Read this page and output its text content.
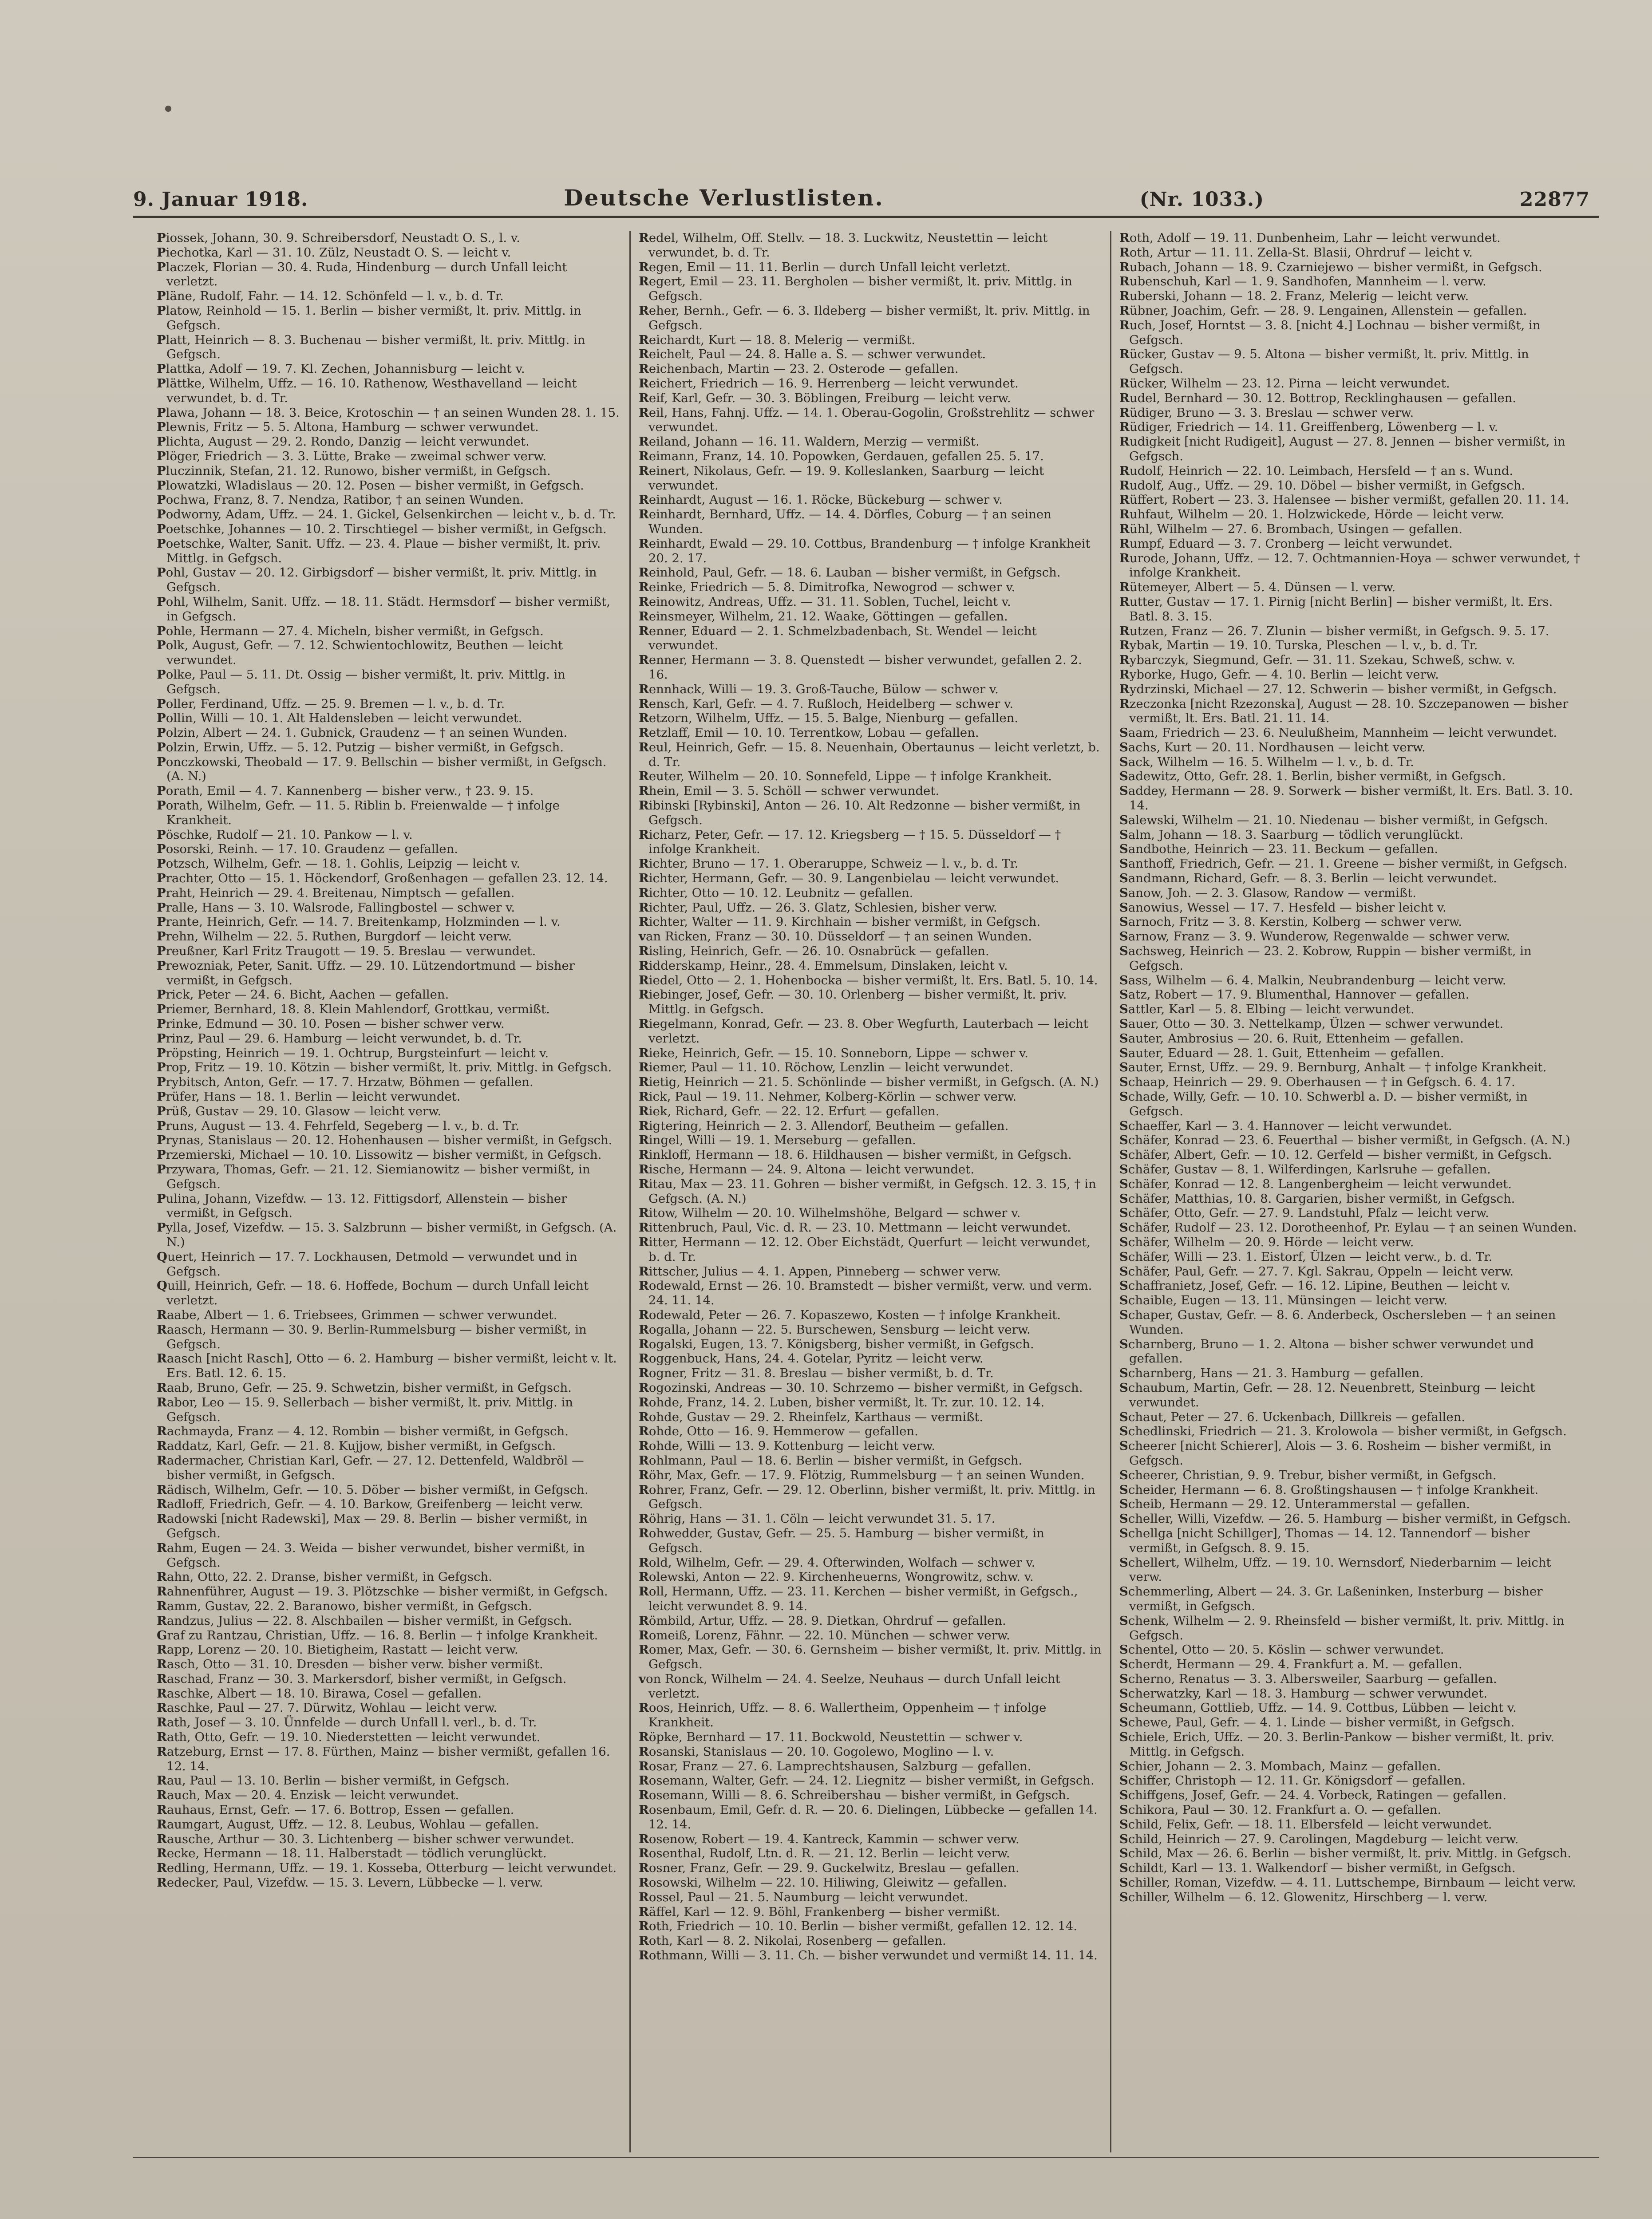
9. Januar 1918.	Deutsche Verlustlisten.	(Nr. 1033.)	22877
Piossek, Johann, 30. 9. Schreibersdorf, Neustadt O. S., l. v.
Piechotka, Karl — 31. 10. Zülz, Neustadt O. S. — leicht v.
Placzek, Florian — 30. 4. Ruda, Hindenburg — durch Unfall leicht verletzt.
Pläne, Rudolf, Fahr. — 14. 12. Schönfeld — l. v., b. d. Tr.
Platow, Reinhold — 15. 1. Berlin — bisher vermißt, lt. priv. Mittlg. in Gefgsch.
Platt, Heinrich — 8. 3. Buchenau — bisher vermißt, lt. priv. Mittlg. in Gefgsch.
Plattka, Adolf — 19. 7. Kl. Zechen, Johannisburg — leicht v.
Plättke, Wilhelm, Uffz. — 16. 10. Rathenow, Westhavelland — leicht verwundet, b. d. Tr.
Plawa, Johann — 18. 3. Beice, Krotoschin — † an seinen Wunden 28. 1. 15.
Plewnis, Fritz — 5. 5. Altona, Hamburg — schwer verwundet.
Plichta, August — 29. 2. Rondo, Danzig — leicht verwundet.
Plöger, Friedrich — 3. 3. Lütte, Brake — zweimal schwer verw.
Pluczinnik, Stefan, 21. 12. Runowo, bisher vermißt, in Gefgsch.
Plowatzki, Wladislaus — 20. 12. Posen — bisher vermißt, in Gefgsch.
Pochwa, Franz, 8. 7. Nendza, Ratibor, † an seinen Wunden.
Podworny, Adam, Uffz. — 24. 1. Gickel, Gelsenkirchen — leicht v., b. d. Tr.
Poetschke, Johannes — 10. 2. Tirschtiegel — bisher vermißt, in Gefgsch.
Poetschke, Walter, Sanit. Uffz. — 23. 4. Plaue — bisher vermißt, lt. priv. Mittlg. in Gefgsch.
Pohl, Gustav — 20. 12. Girbigsdorf — bisher vermißt, lt. priv. Mittlg. in Gefgsch.
Pohl, Wilhelm, Sanit. Uffz. — 18. 11. Städt. Hermsdorf — bisher vermißt, in Gefgsch.
Pohle, Hermann — 27. 4. Micheln, bisher vermißt, in Gefgsch.
Polk, August, Gefr. — 7. 12. Schwientochlowitz, Beuthen — leicht verwundet.
Polke, Paul — 5. 11. Dt. Ossig — bisher vermißt, lt. priv. Mittlg. in Gefgsch.
Poller, Ferdinand, Uffz. — 25. 9. Bremen — l. v., b. d. Tr.
Pollin, Willi — 10. 1. Alt Haldensleben — leicht verwundet.
Polzin, Albert — 24. 1. Gubnick, Graudenz — † an seinen Wunden.
Polzin, Erwin, Uffz. — 5. 12. Putzig — bisher vermißt, in Gefgsch.
Ponczkowski, Theobald — 17. 9. Bellschin — bisher vermißt, in Gefgsch. (A. N.)
Porath, Emil — 4. 7. Kannenberg — bisher verw., † 23. 9. 15.
Porath, Wilhelm, Gefr. — 11. 5. Riblin b. Freienwalde — † infolge Krankheit.
Pöschke, Rudolf — 21. 10. Pankow — l. v.
Posorski, Reinh. — 17. 10. Graudenz — gefallen.
Potzsch, Wilhelm, Gefr. — 18. 1. Gohlis, Leipzig — leicht v.
Prachter, Otto — 15. 1. Höckendorf, Großenhagen — gefallen 23. 12. 14.
Praht, Heinrich — 29. 4. Breitenau, Nimptsch — gefallen.
Pralle, Hans — 3. 10. Walsrode, Fallingbostel — schwer v.
Prante, Heinrich, Gefr. — 14. 7. Breitenkamp, Holzminden — l. v.
Prehn, Wilhelm — 22. 5. Ruthen, Burgdorf — leicht verw.
Preußner, Karl Fritz Traugott — 19. 5. Breslau — verwundet.
Prewozniak, Peter, Sanit. Uffz. — 29. 10. Lützendortmund — bisher vermißt, in Gefgsch.
Prick, Peter — 24. 6. Bicht, Aachen — gefallen.
Priemer, Bernhard, 18. 8. Klein Mahlendorf, Grottkau, vermißt.
Prinke, Edmund — 30. 10. Posen — bisher schwer verw.
Prinz, Paul — 29. 6. Hamburg — leicht verwundet, b. d. Tr.
Pröpsting, Heinrich — 19. 1. Ochtrup, Burgsteinfurt — leicht v.
Prop, Fritz — 19. 10. Kötzin — bisher vermißt, lt. priv. Mittlg. in Gefgsch.
Prybitsch, Anton, Gefr. — 17. 7. Hrzatw, Böhmen — gefallen.
Prüfer, Hans — 18. 1. Berlin — leicht verwundet.
Prüß, Gustav — 29. 10. Glasow — leicht verw.
Pruns, August — 13. 4. Fehrfeld, Segeberg — l. v., b. d. Tr.
Prynas, Stanislaus — 20. 12. Hohenhausen — bisher vermißt, in Gefgsch.
Przemierski, Michael — 10. 10. Lissowitz — bisher vermißt, in Gefgsch.
Przywara, Thomas, Gefr. — 21. 12. Siemianowitz — bisher vermißt, in Gefgsch.
Pulina, Johann, Vizefdw. — 13. 12. Fittigsdorf, Allenstein — bisher vermißt, in Gefgsch.
Pylla, Josef, Vizefdw. — 15. 3. Salzbrunn — bisher vermißt, in Gefgsch. (A. N.)
Quert, Heinrich — 17. 7. Lockhausen, Detmold — verwundet und in Gefgsch.
Quill, Heinrich, Gefr. — 18. 6. Hoffede, Bochum — durch Unfall leicht verletzt.
Raabe, Albert — 1. 6. Triebsees, Grimmen — schwer verwundet.
Raasch, Hermann — 30. 9. Berlin-Rummelsburg — bisher vermißt, in Gefgsch.
Raasch [nicht Rasch], Otto — 6. 2. Hamburg — bisher vermißt, leicht v. lt. Ers. Batl. 12. 6. 15.
Raab, Bruno, Gefr. — 25. 9. Schwetzin, bisher vermißt, in Gefgsch.
Rabor, Leo — 15. 9. Sellerbach — bisher vermißt, lt. priv. Mittlg. in Gefgsch.
Rachmayda, Franz — 4. 12. Rombin — bisher vermißt, in Gefgsch.
Raddatz, Karl, Gefr. — 21. 8. Kujjow, bisher vermißt, in Gefgsch.
Radermacher, Christian Karl, Gefr. — 27. 12. Dettenfeld, Waldbröl — bisher vermißt, in Gefgsch.
Rädisch, Wilhelm, Gefr. — 10. 5. Döber — bisher vermißt, in Gefgsch.
Radloff, Friedrich, Gefr. — 4. 10. Barkow, Greifenberg — leicht verw.
Radowski [nicht Radewski], Max — 29. 8. Berlin — bisher vermißt, in Gefgsch.
Rahm, Eugen — 24. 3. Weida — bisher verwundet, bisher vermißt, in Gefgsch.
Rahn, Otto, 22. 2. Dranse, bisher vermißt, in Gefgsch.
Rahnenführer, August — 19. 3. Plötzschke — bisher vermißt, in Gefgsch.
Ramm, Gustav, 22. 2. Baranowo, bisher vermißt, in Gefgsch.
Randzus, Julius — 22. 8. Alschbailen — bisher vermißt, in Gefgsch.
Graf zu Rantzau, Christian, Uffz. — 16. 8. Berlin — † infolge Krankheit.
Rapp, Lorenz — 20. 10. Bietigheim, Rastatt — leicht verw.
Rasch, Otto — 31. 10. Dresden — bisher verw. bisher vermißt.
Raschad, Franz — 30. 3. Markersdorf, bisher vermißt, in Gefgsch.
Raschke, Albert — 18. 10. Birawa, Cosel — gefallen.
Raschke, Paul — 27. 7. Dürwitz, Wohlau — leicht verw.
Rath, Josef — 3. 10. Ünnfelde — durch Unfall l. verl., b. d. Tr.
Rath, Otto, Gefr. — 19. 10. Niederstetten — leicht verwundet.
Ratzeburg, Ernst — 17. 8. Fürthen, Mainz — bisher vermißt, gefallen 16. 12. 14.
Rau, Paul — 13. 10. Berlin — bisher vermißt, in Gefgsch.
Rauch, Max — 20. 4. Enzisk — leicht verwundet.
Rauhaus, Ernst, Gefr. — 17. 6. Bottrop, Essen — gefallen.
Raumgart, August, Uffz. — 12. 8. Leubus, Wohlau — gefallen.
Rausche, Arthur — 30. 3. Lichtenberg — bisher schwer verwundet.
Recke, Hermann — 18. 11. Halberstadt — tödlich verunglückt.
Redling, Hermann, Uffz. — 19. 1. Kosseba, Otterburg — leicht verwundet.
Redecker, Paul, Vizefdw. — 15. 3. Levern, Lübbecke — l. verw.
Redel, Wilhelm, Off. Stellv. — 18. 3. Luckwitz, Neustettin — leicht verwundet, b. d. Tr.
Regen, Emil — 11. 11. Berlin — durch Unfall leicht verletzt.
Regert, Emil — 23. 11. Bergholen — bisher vermißt, lt. priv. Mittlg. in Gefgsch.
Reher, Bernh., Gefr. — 6. 3. Ildeberg — bisher vermißt, lt. priv. Mittlg. in Gefgsch.
Reichardt, Kurt — 18. 8. Melerig — vermißt.
Reichelt, Paul — 24. 8. Halle a. S. — schwer verwundet.
Reichenbach, Martin — 23. 2. Osterode — gefallen.
Reichert, Friedrich — 16. 9. Herrenberg — leicht verwundet.
Reif, Karl, Gefr. — 30. 3. Böblingen, Freiburg — leicht verw.
Reil, Hans, Fahnj. Uffz. — 14. 1. Oberau-Gogolin, Großstrehlitz — schwer verwundet.
Reiland, Johann — 16. 11. Waldern, Merzig — vermißt.
Reimann, Franz, 14. 10. Popowken, Gerdauen, gefallen 25. 5. 17.
Reinert, Nikolaus, Gefr. — 19. 9. Kolleslanken, Saarburg — leicht verwundet.
Reinhardt, August — 16. 1. Röcke, Bückeburg — schwer v.
Reinhardt, Bernhard, Uffz. — 14. 4. Dörfles, Coburg — † an seinen Wunden.
Reinhardt, Ewald — 29. 10. Cottbus, Brandenburg — † infolge Krankheit 20. 2. 17.
Reinhold, Paul, Gefr. — 18. 6. Lauban — bisher vermißt, in Gefgsch.
Reinke, Friedrich — 5. 8. Dimitrofka, Newogrod — schwer v.
Reinowitz, Andreas, Uffz. — 31. 11. Soblen, Tuchel, leicht v.
Reinsmeyer, Wilhelm, 21. 12. Waake, Göttingen — gefallen.
Renner, Eduard — 2. 1. Schmelzbadenbach, St. Wendel — leicht verwundet.
Renner, Hermann — 3. 8. Quenstedt — bisher verwundet, gefallen 2. 2. 16.
Rennhack, Willi — 19. 3. Groß-Tauche, Bülow — schwer v.
Rensch, Karl, Gefr. — 4. 7. Rußloch, Heidelberg — schwer v.
Retzorn, Wilhelm, Uffz. — 15. 5. Balge, Nienburg — gefallen.
Retzlaff, Emil — 10. 10. Terrentkow, Lobau — gefallen.
Reul, Heinrich, Gefr. — 15. 8. Neuenhain, Obertaunus — leicht verletzt, b. d. Tr.
Reuter, Wilhelm — 20. 10. Sonnefeld, Lippe — † infolge Krankheit.
Rhein, Emil — 3. 5. Schöll — schwer verwundet.
Ribinski [Rybinski], Anton — 26. 10. Alt Redzonne — bisher vermißt, in Gefgsch.
Richarz, Peter, Gefr. — 17. 12. Kriegsberg — † 15. 5. Düsseldorf — † infolge Krankheit.
Richter, Bruno — 17. 1. Oberaruppe, Schweiz — l. v., b. d. Tr.
Richter, Hermann, Gefr. — 30. 9. Langenbielau — leicht verwundet.
Richter, Otto — 10. 12. Leubnitz — gefallen.
Richter, Paul, Uffz. — 26. 3. Glatz, Schlesien, bisher verw.
Richter, Walter — 11. 9. Kirchhain — bisher vermißt, in Gefgsch.
van Ricken, Franz — 30. 10. Düsseldorf — † an seinen Wunden.
Risling, Heinrich, Gefr. — 26. 10. Osnabrück — gefallen.
Ridderskamp, Heinr., 28. 4. Emmelsum, Dinslaken, leicht v.
Riedel, Otto — 2. 1. Hohenbocka — bisher vermißt, lt. Ers. Batl. 5. 10. 14.
Riebinger, Josef, Gefr. — 30. 10. Orlenberg — bisher vermißt, lt. priv. Mittlg. in Gefgsch.
Riegelmann, Konrad, Gefr. — 23. 8. Ober Wegfurth, Lauterbach — leicht verletzt.
Rieke, Heinrich, Gefr. — 15. 10. Sonneborn, Lippe — schwer v.
Riemer, Paul — 11. 10. Röchow, Lenzlin — leicht verwundet.
Rietig, Heinrich — 21. 5. Schönlinde — bisher vermißt, in Gefgsch. (A. N.)
Rick, Paul — 19. 11. Nehmer, Kolberg-Körlin — schwer verw.
Riek, Richard, Gefr. — 22. 12. Erfurt — gefallen.
Rigtering, Heinrich — 2. 3. Allendorf, Beutheim — gefallen.
Ringel, Willi — 19. 1. Merseburg — gefallen.
Rinkloff, Hermann — 18. 6. Hildhausen — bisher vermißt, in Gefgsch.
Rische, Hermann — 24. 9. Altona — leicht verwundet.
Ritau, Max — 23. 11. Gohren — bisher vermißt, in Gefgsch. 12. 3. 15, † in Gefgsch. (A. N.)
Ritow, Wilhelm — 20. 10. Wilhelmshöhe, Belgard — schwer v.
Rittenbruch, Paul, Vic. d. R. — 23. 10. Mettmann — leicht verwundet.
Ritter, Hermann — 12. 12. Ober Eichstädt, Querfurt — leicht verwundet, b. d. Tr.
Rittscher, Julius — 4. 1. Appen, Pinneberg — schwer verw.
Rodewald, Ernst — 26. 10. Bramstedt — bisher vermißt, verw. und verm. 24. 11. 14.
Rodewald, Peter — 26. 7. Kopaszewo, Kosten — † infolge Krankheit.
Rogalla, Johann — 22. 5. Burschewen, Sensburg — leicht verw.
Rogalski, Eugen, 13. 7. Königsberg, bisher vermißt, in Gefgsch.
Roggenbuck, Hans, 24. 4. Gotelar, Pyritz — leicht verw.
Rogner, Fritz — 31. 8. Breslau — bisher vermißt, b. d. Tr.
Rogozinski, Andreas — 30. 10. Schrzemo — bisher vermißt, in Gefgsch.
Rohde, Franz, 14. 2. Luben, bisher vermißt, lt. Tr. zur. 10. 12. 14.
Rohde, Gustav — 29. 2. Rheinfelz, Karthaus — vermißt.
Rohde, Otto — 16. 9. Hemmerow — gefallen.
Rohde, Willi — 13. 9. Kottenburg — leicht verw.
Rohlmann, Paul — 18. 6. Berlin — bisher vermißt, in Gefgsch.
Röhr, Max, Gefr. — 17. 9. Flötzig, Rummelsburg — † an seinen Wunden.
Rohrer, Franz, Gefr. — 29. 12. Oberlinn, bisher vermißt, lt. priv. Mittlg. in Gefgsch.
Röhrig, Hans — 31. 1. Cöln — leicht verwundet 31. 5. 17.
Rohwedder, Gustav, Gefr. — 25. 5. Hamburg — bisher vermißt, in Gefgsch.
Rold, Wilhelm, Gefr. — 29. 4. Ofterwinden, Wolfach — schwer v.
Rolewski, Anton — 22. 9. Kirchenheuerns, Wongrowitz, schw. v.
Roll, Hermann, Uffz. — 23. 11. Kerchen — bisher vermißt, in Gefgsch., leicht verwundet 8. 9. 14.
Römbild, Artur, Uffz. — 28. 9. Dietkan, Ohrdruf — gefallen.
Romeiß, Lorenz, Fähnr. — 22. 10. München — schwer verw.
Romer, Max, Gefr. — 30. 6. Gernsheim — bisher vermißt, lt. priv. Mittlg. in Gefgsch.
von Ronck, Wilhelm — 24. 4. Seelze, Neuhaus — durch Unfall leicht verletzt.
Roos, Heinrich, Uffz. — 8. 6. Wallertheim, Oppenheim — † infolge Krankheit.
Röpke, Bernhard — 17. 11. Bockwold, Neustettin — schwer v.
Rosanski, Stanislaus — 20. 10. Gogolewo, Moglino — l. v.
Rosar, Franz — 27. 6. Lamprechtshausen, Salzburg — gefallen.
Rosemann, Walter, Gefr. — 24. 12. Liegnitz — bisher vermißt, in Gefgsch.
Rosemann, Willi — 8. 6. Schreibershau — bisher vermißt, in Gefgsch.
Rosenbaum, Emil, Gefr. d. R. — 20. 6. Dielingen, Lübbecke — gefallen 14. 12. 14.
Rosenow, Robert — 19. 4. Kantreck, Kammin — schwer verw.
Rosenthal, Rudolf, Ltn. d. R. — 21. 12. Berlin — leicht verw.
Rosner, Franz, Gefr. — 29. 9. Guckelwitz, Breslau — gefallen.
Rosowski, Wilhelm — 22. 10. Hiliwing, Gleiwitz — gefallen.
Rossel, Paul — 21. 5. Naumburg — leicht verwundet.
Räffel, Karl — 12. 9. Böhl, Frankenberg — bisher vermißt.
Roth, Friedrich — 10. 10. Berlin — bisher vermißt, gefallen 12. 12. 14.
Roth, Karl — 8. 2. Nikolai, Rosenberg — gefallen.
Rothmann, Willi — 3. 11. Ch. — bisher verwundet und vermißt 14. 11. 14.
Roth, Adolf — 19. 11. Dunbenheim, Lahr — leicht verwundet.
Roth, Artur — 11. 11. Zella-St. Blasii, Ohrdruf — leicht v.
Rubach, Johann — 18. 9. Czarniejewo — bisher vermißt, in Gefgsch.
Rubenschuh, Karl — 1. 9. Sandhofen, Mannheim — l. verw.
Ruberski, Johann — 18. 2. Franz, Melerig — leicht verw.
Rübner, Joachim, Gefr. — 28. 9. Lengainen, Allenstein — gefallen.
Ruch, Josef, Horntst — 3. 8. [nicht 4.] Lochnau — bisher vermißt, in Gefgsch.
Rücker, Gustav — 9. 5. Altona — bisher vermißt, lt. priv. Mittlg. in Gefgsch.
Rücker, Wilhelm — 23. 12. Pirna — leicht verwundet.
Rudel, Bernhard — 30. 12. Bottrop, Recklinghausen — gefallen.
Rüdiger, Bruno — 3. 3. Breslau — schwer verw.
Rüdiger, Friedrich — 14. 11. Greiffenberg, Löwenberg — l. v.
Rudigkeit [nicht Rudigeit], August — 27. 8. Jennen — bisher vermißt, in Gefgsch.
Rudolf, Heinrich — 22. 10. Leimbach, Hersfeld — † an s. Wund.
Rudolf, Aug., Uffz. — 29. 10. Döbel — bisher vermißt, in Gefgsch.
Rüffert, Robert — 23. 3. Halensee — bisher vermißt, gefallen 20. 11. 14.
Ruhfaut, Wilhelm — 20. 1. Holzwickede, Hörde — leicht verw.
Rühl, Wilhelm — 27. 6. Brombach, Usingen — gefallen.
Rumpf, Eduard — 3. 7. Cronberg — leicht verwundet.
Rurode, Johann, Uffz. — 12. 7. Ochtmannien-Hoya — schwer verwundet, † infolge Krankheit.
Rütemeyer, Albert — 5. 4. Dünsen — l. verw.
Rutter, Gustav — 17. 1. Pirnig [nicht Berlin] — bisher vermißt, lt. Ers. Batl. 8. 3. 15.
Rutzen, Franz — 26. 7. Zlunin — bisher vermißt, in Gefgsch. 9. 5. 17.
Rybak, Martin — 19. 10. Turska, Pleschen — l. v., b. d. Tr.
Rybarczyk, Siegmund, Gefr. — 31. 11. Szekau, Schweß, schw. v.
Ryborke, Hugo, Gefr. — 4. 10. Berlin — leicht verw.
Rydrzinski, Michael — 27. 12. Schwerin — bisher vermißt, in Gefgsch.
Rzeczonka [nicht Rzezonska], August — 28. 10. Szczepanowen — bisher vermißt, lt. Ers. Batl. 21. 11. 14.
Saam, Friedrich — 23. 6. Neulußheim, Mannheim — leicht verwundet.
Sachs, Kurt — 20. 11. Nordhausen — leicht verw.
Sack, Wilhelm — 16. 5. Wilhelm — l. v., b. d. Tr.
Sadewitz, Otto, Gefr. 28. 1. Berlin, bisher vermißt, in Gefgsch.
Saddey, Hermann — 28. 9. Sorwerk — bisher vermißt, lt. Ers. Batl. 3. 10. 14.
Salewski, Wilhelm — 21. 10. Niedenau — bisher vermißt, in Gefgsch.
Salm, Johann — 18. 3. Saarburg — tödlich verunglückt.
Sandbothe, Heinrich — 23. 11. Beckum — gefallen.
Santhoff, Friedrich, Gefr. — 21. 1. Greene — bisher vermißt, in Gefgsch.
Sandmann, Richard, Gefr. — 8. 3. Berlin — leicht verwundet.
Sanow, Joh. — 2. 3. Glasow, Randow — vermißt.
Sanowius, Wessel — 17. 7. Hesfeld — bisher leicht v.
Sarnoch, Fritz — 3. 8. Kerstin, Kolberg — schwer verw.
Sarnow, Franz — 3. 9. Wunderow, Regenwalde — schwer verw.
Sachsweg, Heinrich — 23. 2. Kobrow, Ruppin — bisher vermißt, in Gefgsch.
Sass, Wilhelm — 6. 4. Malkin, Neubrandenburg — leicht verw.
Satz, Robert — 17. 9. Blumenthal, Hannover — gefallen.
Sattler, Karl — 5. 8. Elbing — leicht verwundet.
Sauer, Otto — 30. 3. Nettelkamp, Ülzen — schwer verwundet.
Sauter, Ambrosius — 20. 6. Ruit, Ettenheim — gefallen.
Sauter, Eduard — 28. 1. Guit, Ettenheim — gefallen.
Sauter, Ernst, Uffz. — 29. 9. Bernburg, Anhalt — † infolge Krankheit.
Schaap, Heinrich — 29. 9. Oberhausen — † in Gefgsch. 6. 4. 17.
Schade, Willy, Gefr. — 10. 10. Schwerbl a. D. — bisher vermißt, in Gefgsch.
Schaeffer, Karl — 3. 4. Hannover — leicht verwundet.
Schäfer, Konrad — 23. 6. Feuerthal — bisher vermißt, in Gefgsch. (A. N.)
Schäfer, Albert, Gefr. — 10. 12. Gerfeld — bisher vermißt, in Gefgsch.
Schäfer, Gustav — 8. 1. Wilferdingen, Karlsruhe — gefallen.
Schäfer, Konrad — 12. 8. Langenbergheim — leicht verwundet.
Schäfer, Matthias, 10. 8. Gargarien, bisher vermißt, in Gefgsch.
Schäfer, Otto, Gefr. — 27. 9. Landstuhl, Pfalz — leicht verw.
Schäfer, Rudolf — 23. 12. Dorotheenhof, Pr. Eylau — † an seinen Wunden.
Schäfer, Wilhelm — 20. 9. Hörde — leicht verw.
Schäfer, Willi — 23. 1. Eistorf, Ülzen — leicht verw., b. d. Tr.
Schäfer, Paul, Gefr. — 27. 7. Kgl. Sakrau, Oppeln — leicht verw.
Schaffranietz, Josef, Gefr. — 16. 12. Lipine, Beuthen — leicht v.
Schaible, Eugen — 13. 11. Münsingen — leicht verw.
Schaper, Gustav, Gefr. — 8. 6. Anderbeck, Oschersleben — † an seinen Wunden.
Scharnberg, Bruno — 1. 2. Altona — bisher schwer verwundet und gefallen.
Scharnberg, Hans — 21. 3. Hamburg — gefallen.
Schaubum, Martin, Gefr. — 28. 12. Neuenbrett, Steinburg — leicht verwundet.
Schaut, Peter — 27. 6. Uckenbach, Dillkreis — gefallen.
Schedlinski, Friedrich — 21. 3. Krolowola — bisher vermißt, in Gefgsch.
Scheerer [nicht Schierer], Alois — 3. 6. Rosheim — bisher vermißt, in Gefgsch.
Scheerer, Christian, 9. 9. Trebur, bisher vermißt, in Gefgsch.
Scheider, Hermann — 6. 8. Großtingshausen — † infolge Krankheit.
Scheib, Hermann — 29. 12. Unterammerstal — gefallen.
Scheller, Willi, Vizefdw. — 26. 5. Hamburg — bisher vermißt, in Gefgsch.
Schellga [nicht Schillger], Thomas — 14. 12. Tannendorf — bisher vermißt, in Gefgsch. 8. 9. 15.
Schellert, Wilhelm, Uffz. — 19. 10. Wernsdorf, Niederbarnim — leicht verw.
Schemmerling, Albert — 24. 3. Gr. Laßeninken, Insterburg — bisher vermißt, in Gefgsch.
Schenk, Wilhelm — 2. 9. Rheinsfeld — bisher vermißt, lt. priv. Mittlg. in Gefgsch.
Schentel, Otto — 20. 5. Köslin — schwer verwundet.
Scherdt, Hermann — 29. 4. Frankfurt a. M. — gefallen.
Scherno, Renatus — 3. 3. Albersweiler, Saarburg — gefallen.
Scherwatzky, Karl — 18. 3. Hamburg — schwer verwundet.
Scheumann, Gottlieb, Uffz. — 14. 9. Cottbus, Lübben — leicht v.
Schewe, Paul, Gefr. — 4. 1. Linde — bisher vermißt, in Gefgsch.
Schiele, Erich, Uffz. — 20. 3. Berlin-Pankow — bisher vermißt, lt. priv. Mittlg. in Gefgsch.
Schier, Johann — 2. 3. Mombach, Mainz — gefallen.
Schiffer, Christoph — 12. 11. Gr. Königsdorf — gefallen.
Schiffgens, Josef, Gefr. — 24. 4. Vorbeck, Ratingen — gefallen.
Schikora, Paul — 30. 12. Frankfurt a. O. — gefallen.
Schild, Felix, Gefr. — 18. 11. Elbersfeld — leicht verwundet.
Schild, Heinrich — 27. 9. Carolingen, Magdeburg — leicht verw.
Schild, Max — 26. 6. Berlin — bisher vermißt, lt. priv. Mittlg. in Gefgsch.
Schildt, Karl — 13. 1. Walkendorf — bisher vermißt, in Gefgsch.
Schiller, Roman, Vizefdw. — 4. 11. Luttschempe, Birnbaum — leicht verw.
Schiller, Wilhelm — 6. 12. Glowenitz, Hirschberg — l. verw.
